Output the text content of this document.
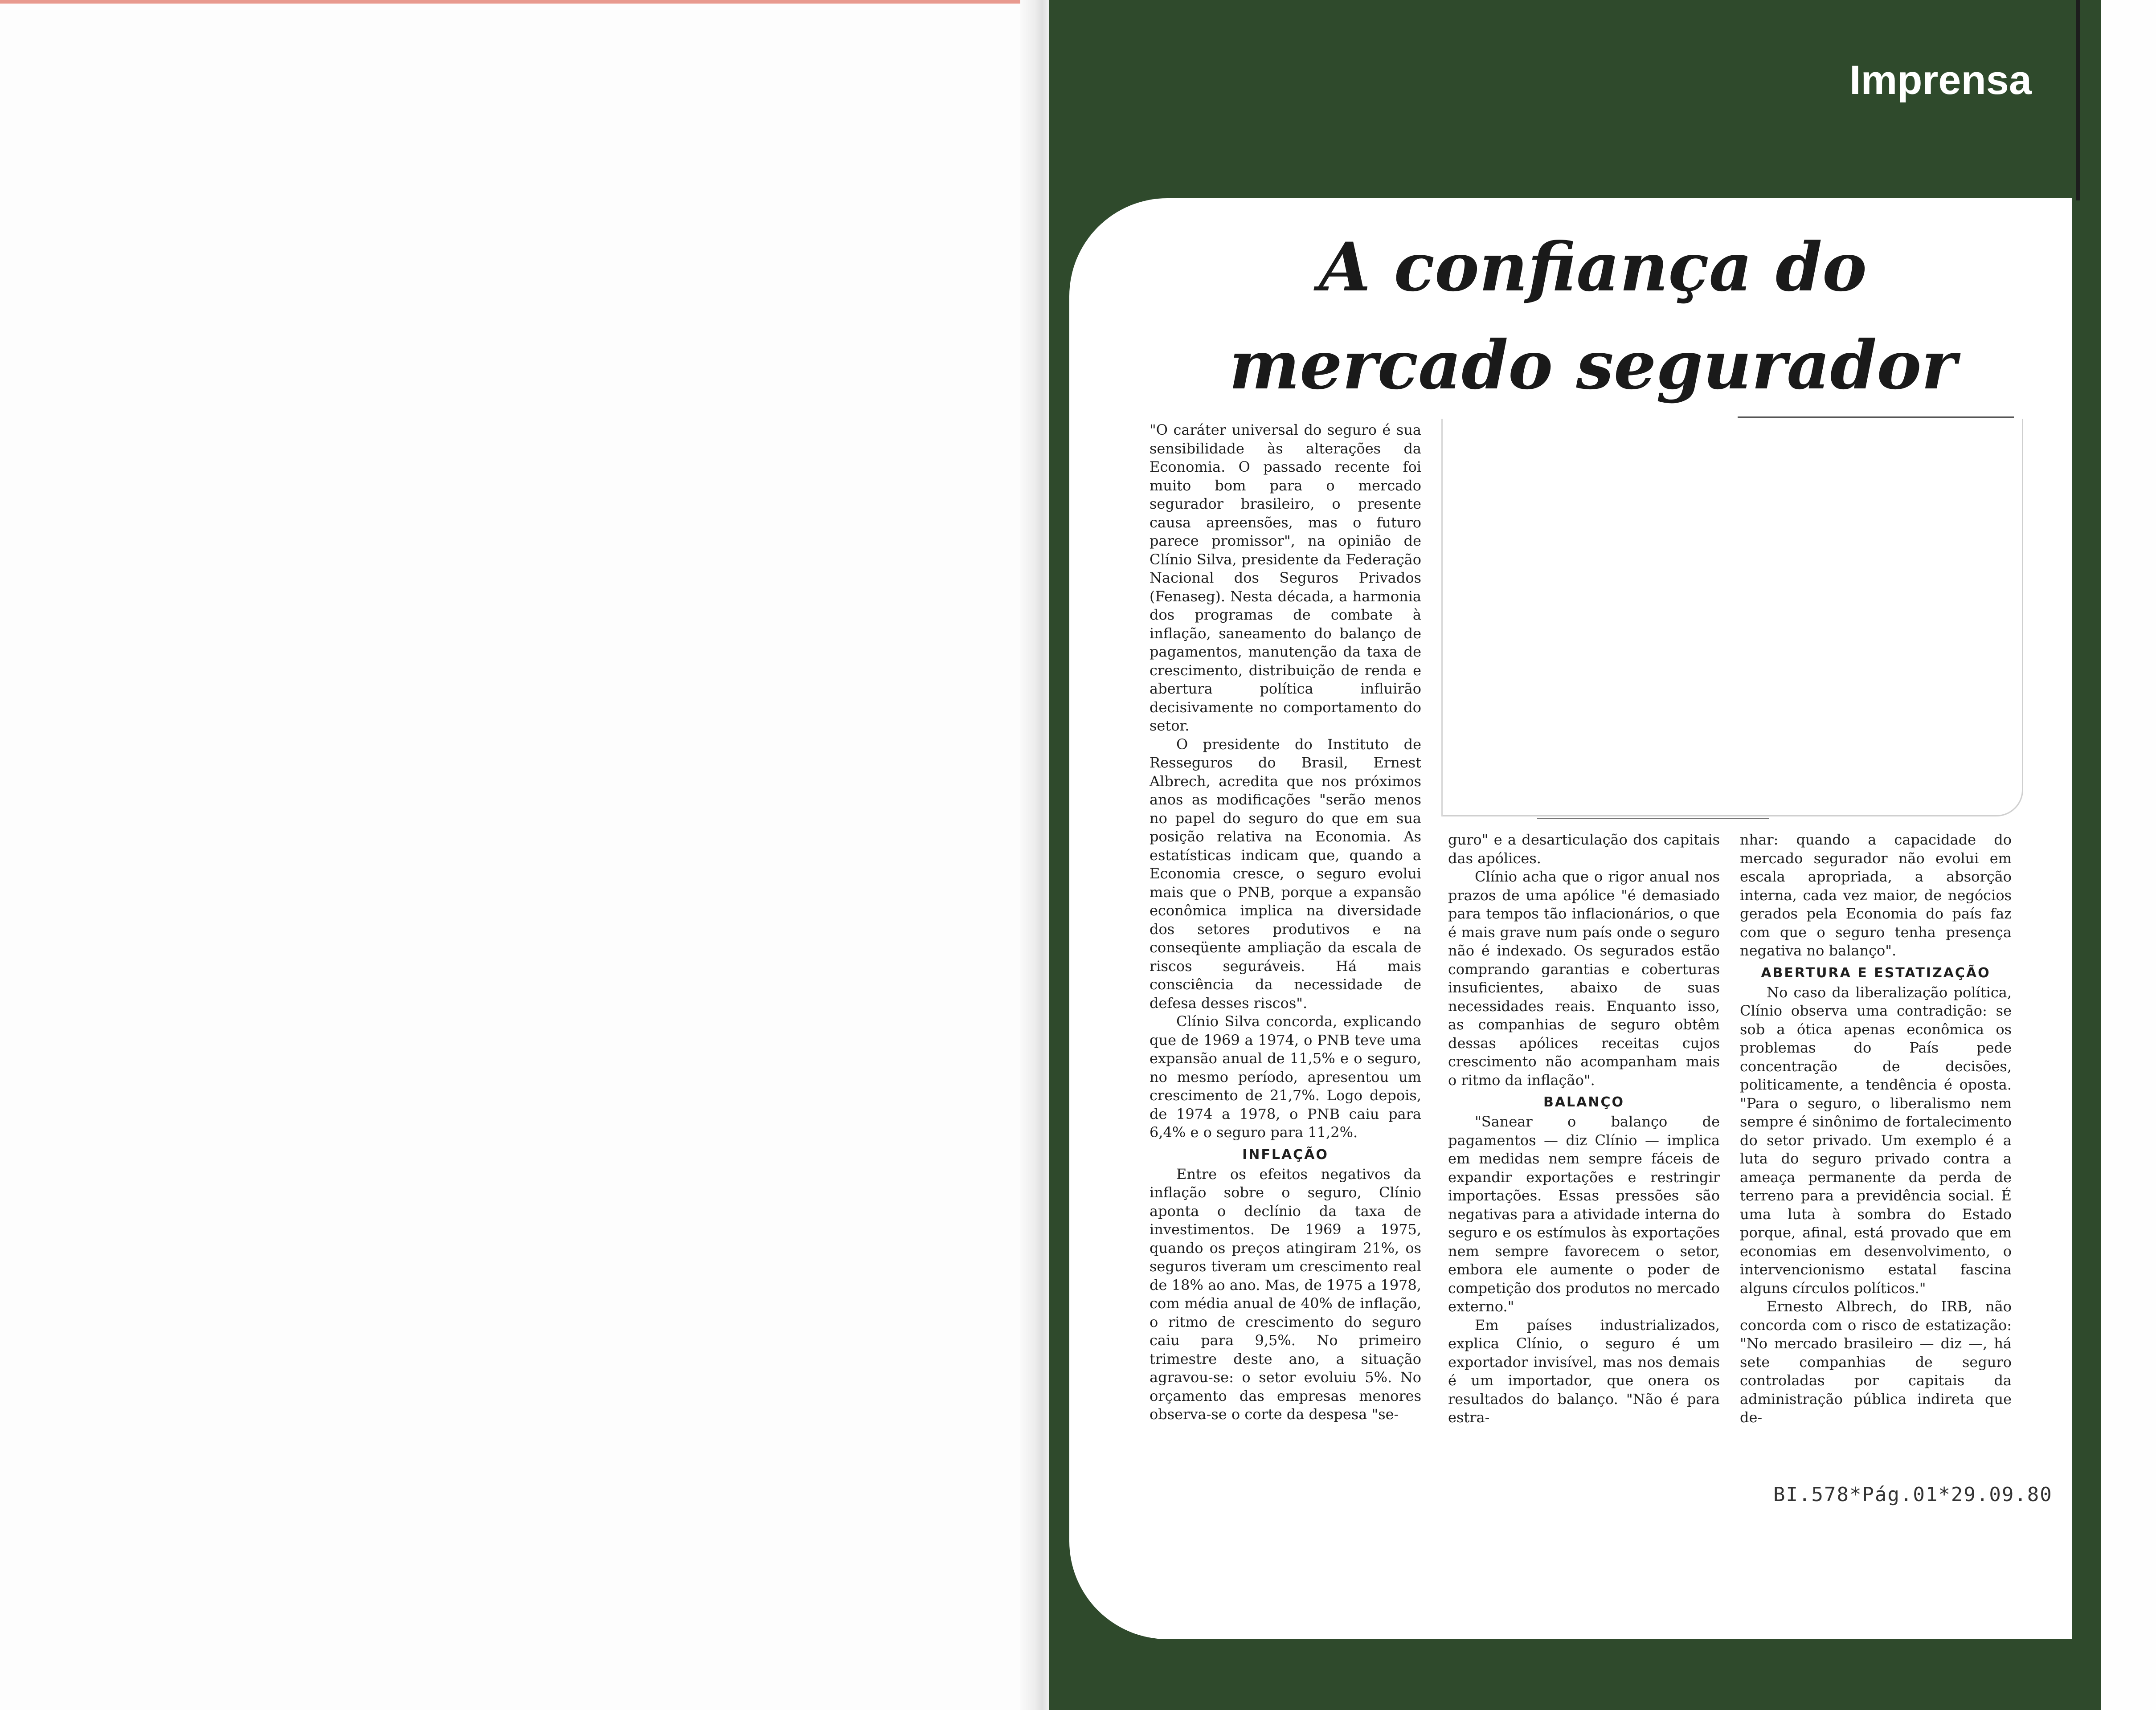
Imprensa
A confiança do
mercado segurador

"O caráter universal do seguro é sua sensibilidade às alterações da Economia. O passado recente foi muito bom para o mercado segurador brasileiro, o presente causa apreensões, mas o futuro parece promissor", na opinião de Clínio Silva, presidente da Federação Nacional dos Seguros Privados (Fenaseg). Nesta década, a harmonia dos programas de combate à inflação, saneamento do balanço de pagamentos, manutenção da taxa de crescimento, distribuição de renda e abertura política influirão decisivamente no comportamento do setor.

O presidente do Instituto de Resseguros do Brasil, Ernest Albrech, acredita que nos próximos anos as modificações "serão menos no papel do seguro do que em sua posição relativa na Economia. As estatísticas indicam que, quando a Economia cresce, o seguro evolui mais que o PNB, porque a expansão econômica implica na diversidade dos setores produtivos e na conseqüente ampliação da escala de riscos seguráveis. Há mais consciência da necessidade de defesa desses riscos".

Clínio Silva concorda, explicando que de 1969 a 1974, o PNB teve uma expansão anual de 11,5% e o seguro, no mesmo período, apresentou um crescimento de 21,7%. Logo depois, de 1974 a 1978, o PNB caiu para 6,4% e o seguro para 11,2%.

INFLAÇÃO

Entre os efeitos negativos da inflação sobre o seguro, Clínio aponta o declínio da taxa de investimentos. De 1969 a 1975, quando os preços atingiram 21%, os seguros tiveram um crescimento real de 18% ao ano. Mas, de 1975 a 1978, com média anual de 40% de inflação, o ritmo de crescimento do seguro caiu para 9,5%. No primeiro trimestre deste ano, a situação agravou-se: o setor evoluiu 5%. No orçamento das empresas menores observa-se o corte da despesa "se-

guro" e a desarticulação dos capitais das apólices.

Clínio acha que o rigor anual nos prazos de uma apólice "é demasiado para tempos tão inflacionários, o que é mais grave num país onde o seguro não é indexado. Os segurados estão comprando garantias e coberturas insuficientes, abaixo de suas necessidades reais. Enquanto isso, as companhias de seguro obtêm dessas apólices receitas cujos crescimento não acompanham mais o ritmo da inflação".

BALANÇO

"Sanear o balanço de pagamentos — diz Clínio — implica em medidas nem sempre fáceis de expandir exportações e restringir importações. Essas pressões são negativas para a atividade interna do seguro e os estímulos às exportações nem sempre favorecem o setor, embora ele aumente o poder de competição dos produtos no mercado externo."

Em países industrializados, explica Clínio, o seguro é um exportador invisível, mas nos demais é um importador, que onera os resultados do balanço. "Não é para estra-

nhar: quando a capacidade do mercado segurador não evolui em escala apropriada, a absorção interna, cada vez maior, de negócios gerados pela Economia do país faz com que o seguro tenha presença negativa no balanço".

ABERTURA E ESTATIZAÇÃO

No caso da liberalização política, Clínio observa uma contradição: se sob a ótica apenas econômica os problemas do País pede concentração de decisões, politicamente, a tendência é oposta. "Para o seguro, o liberalismo nem sempre é sinônimo de fortalecimento do setor privado. Um exemplo é a luta do seguro privado contra a ameaça permanente da perda de terreno para a previdência social. É uma luta à sombra do Estado porque, afinal, está provado que em economias em desenvolvimento, o intervencionismo estatal fascina alguns círculos políticos."

Ernesto Albrech, do IRB, não concorda com o risco de estatização: "No mercado brasileiro — diz —, há sete companhias de seguro controladas por capitais da administração pública indireta que de-

BI.578*Pág.01*29.09.80
